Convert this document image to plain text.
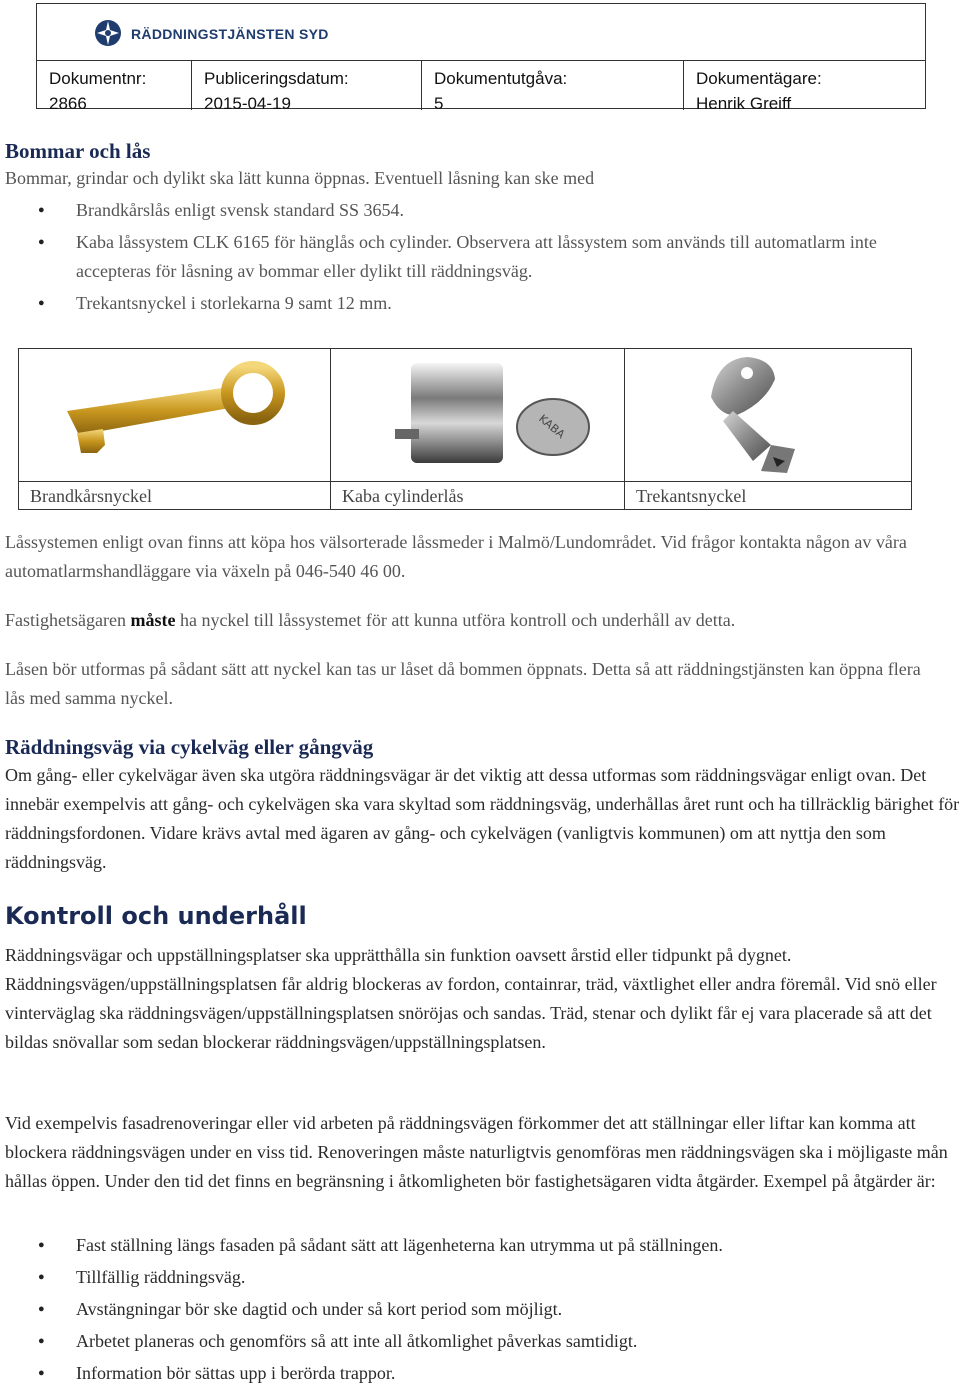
RÄDDNINGSTJÄNSTEN SYD
Dokumentnr:
2866
Publiceringsdatum:
2015-04-19
Dokumentutgåva:
5
Dokumentägare:
Henrik Greiff
Bommar och lås

Bommar, grindar och dylikt ska lätt kunna öppnas. Eventuell låsning kan ske med

● Brandkårslås enligt svensk standard SS 3654.
● Kaba låssystem CLK 6165 för hänglås och cylinder. Observera att låssystem som används till automatlarm inte accepteras för låsning av bommar eller dylikt till räddningsväg.
● Trekantsnyckel i storlekarna 9 samt 12 mm.
Brandkårsnyckel
KABA
Kaba cylinderlås	Trekantsnyckel

Låssystemen enligt ovan finns att köpa hos välsorterade låssmeder i Malmö/Lundområdet. Vid frågor kontakta någon av våra automatlarmshandläggare via växeln på 046-540 46 00.

Fastighetsägaren måste ha nyckel till låssystemet för att kunna utföra kontroll och underhåll av detta.

Låsen bör utformas på sådant sätt att nyckel kan tas ur låset då bommen öppnats. Detta så att räddningstjänsten kan öppna flera lås med samma nyckel.

Räddningsväg via cykelväg eller gångväg

Om gång- eller cykelvägar även ska utgöra räddningsvägar är det viktig att dessa utformas som räddningsvägar enligt ovan. Det innebär exempelvis att gång- och cykelvägen ska vara skyltad som räddningsväg, underhållas året runt och ha tillräcklig bärighet för räddningsfordonen. Vidare krävs avtal med ägaren av gång- och cykelvägen (vanligtvis kommunen) om att nyttja den som räddningsväg.

Kontroll och underhåll

Räddningsvägar och uppställningsplatser ska upprätthålla sin funktion oavsett årstid eller tidpunkt på dygnet. Räddningsvägen/uppställningsplatsen får aldrig blockeras av fordon, containrar, träd, växtlighet eller andra föremål. Vid snö eller vinterväglag ska räddningsvägen/uppställningsplatsen snöröjas och sandas. Träd, stenar och dylikt får ej vara placerade så att det bildas snövallar som sedan blockerar räddningsvägen/uppställningsplatsen.

Vid exempelvis fasadrenoveringar eller vid arbeten på räddningsvägen förkommer det att ställningar eller liftar kan komma att blockera räddningsvägen under en viss tid. Renoveringen måste naturligtvis genomföras men räddningsvägen ska i möjligaste mån hållas öppen. Under den tid det finns en begränsning i åtkomligheten bör fastighetsägaren vidta åtgärder. Exempel på åtgärder är:

● Fast ställning längs fasaden på sådant sätt att lägenheterna kan utrymma ut på ställningen.
● Tillfällig räddningsväg.
● Avstängningar bör ske dagtid och under så kort period som möjligt.
● Arbetet planeras och genomförs så att inte all åtkomlighet påverkas samtidigt.
● Information bör sättas upp i berörda trappor.
